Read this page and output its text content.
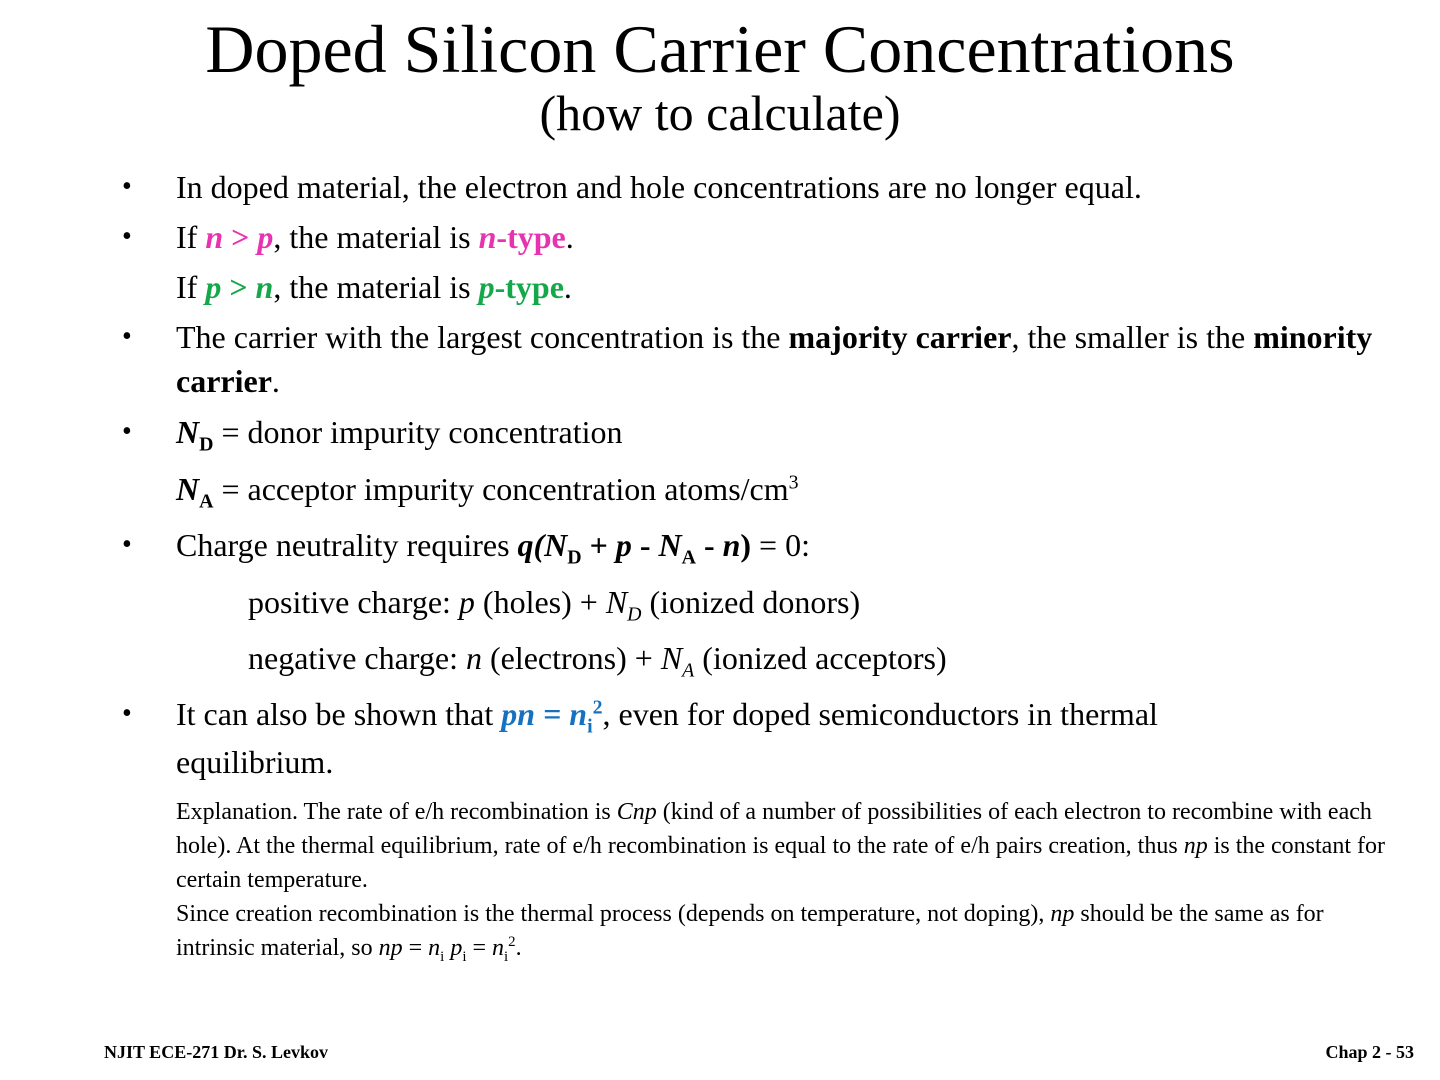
Doped Silicon Carrier Concentrations
(how to calculate)
• In doped material, the electron and hole concentrations are no longer equal.
• If n > p, the material is n-type.
If p > n, the material is p-type.
• The carrier with the largest concentration is the majority carrier, the smaller is the minority carrier.
• $N_D$ = donor impurity concentration
$N_A$ = acceptor impurity concentration atoms/$cm^3$
• Charge neutrality requires $q(N_D + p - N_A - n) = 0$:
positive charge: p (holes) + $N_D$ (ionized donors)
negative charge: n (electrons) + $N_A$ (ionized acceptors)
• It can also be shown that pn = $n_i^2$, even for doped semiconductors in thermal
equilibrium.
Explanation. The rate of e/h recombination is Cnp (kind of a number of possibilities of each electron to recombine with each hole). At the thermal equilibrium, rate of e/h recombination is equal to the rate of e/h pairs creation, thus np is the constant for certain temperature.
Since creation recombination is the thermal process (depends on temperature, not doping), np should be the same as for intrinsic material, so np = $n_i$ $p_i = n_i^2$.
NJIT ECE-271 Dr. S. Levkov	Chap 2 - 53
